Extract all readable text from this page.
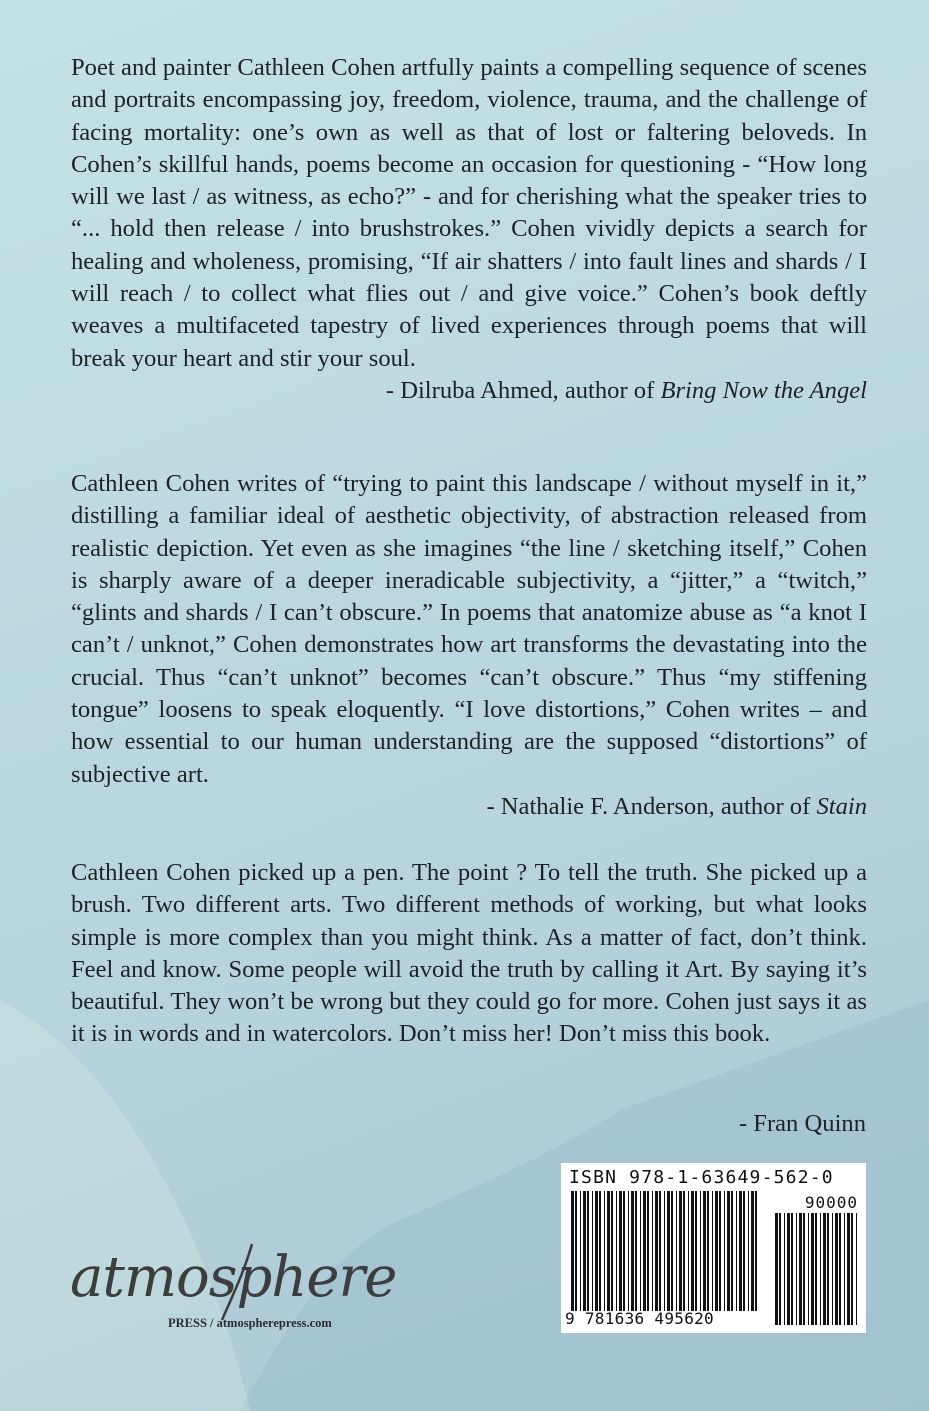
Poet and painter Cathleen Cohen artfully paints a compelling sequence of scenes and portraits encompassing joy, freedom, violence, trauma, and the challenge of facing mortality: one’s own as well as that of lost or faltering beloveds. In Cohen’s skillful hands, poems become an occasion for questioning - “How long will we last / as witness, as echo?” - and for cherishing what the speaker tries to “... hold then release / into brushstrokes.” Cohen vividly depicts a search for healing and wholeness, promising, “If air shatters / into fault lines and shards / I will reach / to collect what flies out / and give voice.” Cohen’s book deftly weaves a multifaceted tapestry of lived experiences through poems that will break your heart and stir your soul.

- Dilruba Ahmed, author of Bring Now the Angel

Cathleen Cohen writes of “trying to paint this landscape / without myself in it,” distilling a familiar ideal of aesthetic objectivity, of abstraction released from realistic depiction. Yet even as she imagines “the line / sketching itself,” Cohen is sharply aware of a deeper ineradicable subjectivity, a “jitter,” a “twitch,” “glints and shards / I can’t obscure.” In poems that anatomize abuse as “a knot I can’t / unknot,” Cohen demonstrates how art transforms the devastating into the crucial. Thus “can’t unknot” becomes “can’t obscure.” Thus “my stiffening tongue” loosens to speak eloquently. “I love distortions,” Cohen writes – and how essential to our human understanding are the supposed “distortions” of subjective art.

- Nathalie F. Anderson, author of Stain

Cathleen Cohen picked up a pen. The point ? To tell the truth. She picked up a brush. Two different arts. Two different methods of working, but what looks simple is more complex than you might think. As a matter of fact, don’t think. Feel and know. Some people will avoid the truth by calling it Art. By saying it’s beautiful. They won’t be wrong but they could go for more. Cohen just says it as it is in words and in watercolors. Don’t miss her! Don’t miss this book.

- Fran Quinn
ISBN 978-1-63649-562-0
90000
9 781636 495620
atmosphere
PRESS / atmospherepress.com
